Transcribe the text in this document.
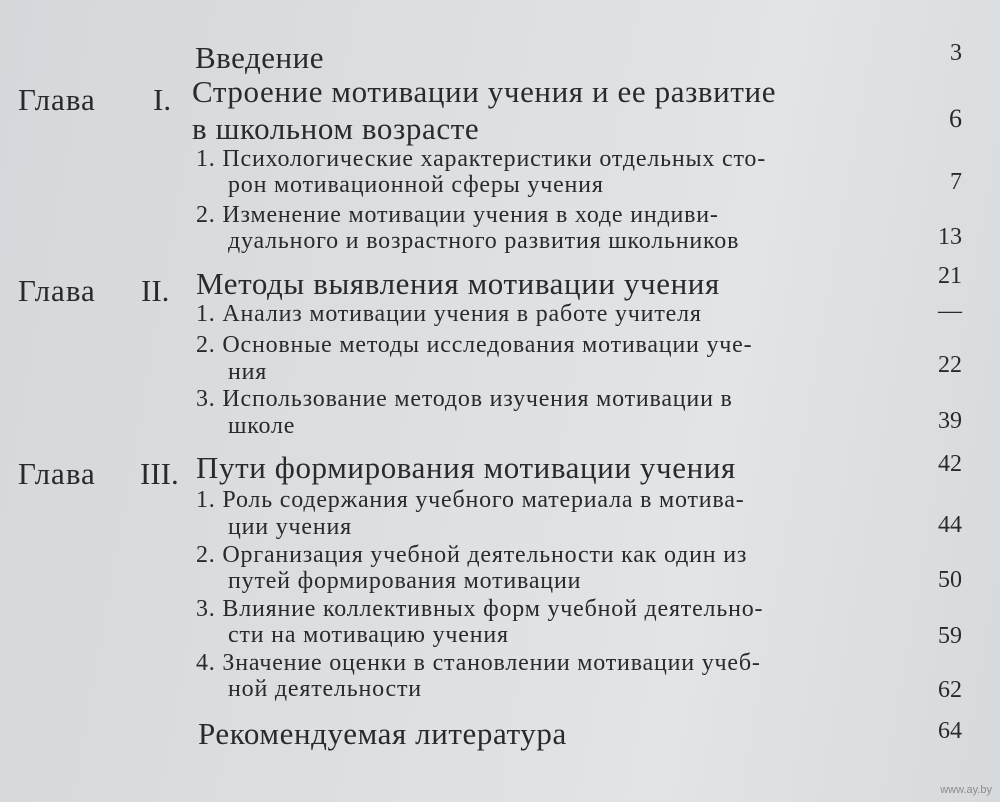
Введение	3
Глава I. Строение мотивации учения и ее развитие
в школьном возрасте	6
1. Психологические характеристики отдельных сто-
рон мотивационной сферы учения	7
2. Изменение мотивации учения в ходе индиви-
дуального и возрастного развития школьников	13
Глава II. Методы выявления мотивации учения	21
1. Анализ мотивации учения в работе учителя	—
2. Основные методы исследования мотивации уче-
ния	22
3. Использование методов изучения мотивации в
школе	39
Глава III. Пути формирования мотивации учения	42
1. Роль содержания учебного материала в мотива-
ции учения	44
2. Организация учебной деятельности как один из
путей формирования мотивации	50
3. Влияние коллективных форм учебной деятельно-
сти на мотивацию учения	59
4. Значение оценки в становлении мотивации учеб-
ной деятельности	62
Рекомендуемая литература	64
www.ay.by
